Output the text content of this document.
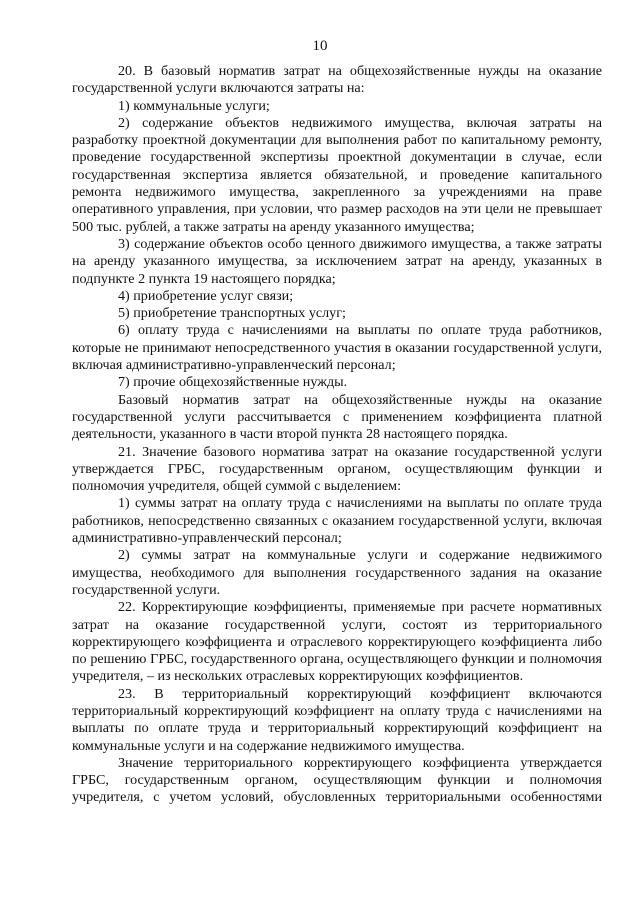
10

20. В базовый норматив затрат на общехозяйственные нужды на оказание государственной услуги включаются затраты на:

1) коммунальные услуги;

2) содержание объектов недвижимого имущества, включая затраты на разработку проектной документации для выполнения работ по капитальному ремонту, проведение государственной экспертизы проектной документации в случае, если государственная экспертиза является обязательной, и проведение капитального ремонта недвижимого имущества, закрепленного за учреждениями на праве оперативного управления, при условии, что размер расходов на эти цели не превышает 500 тыс. рублей, а также затраты на аренду указанного имущества;

3) содержание объектов особо ценного движимого имущества, а также затраты на аренду указанного имущества, за исключением затрат на аренду, указанных в подпункте 2 пункта 19 настоящего порядка;

4) приобретение услуг связи;

5) приобретение транспортных услуг;

6) оплату труда с начислениями на выплаты по оплате труда работников, которые не принимают непосредственного участия в оказании государственной услуги, включая административно-управленческий персонал;

7) прочие общехозяйственные нужды.

Базовый норматив затрат на общехозяйственные нужды на оказание государственной услуги рассчитывается с применением коэффициента платной деятельности, указанного в части второй пункта 28 настоящего порядка.

21. Значение базового норматива затрат на оказание государственной услуги утверждается ГРБС, государственным органом, осуществляющим функции и полномочия учредителя, общей суммой с выделением:

1) суммы затрат на оплату труда с начислениями на выплаты по оплате труда работников, непосредственно связанных с оказанием государственной услуги, включая административно-управленческий персонал;

2) суммы затрат на коммунальные услуги и содержание недвижимого имущества, необходимого для выполнения государственного задания на оказание государственной услуги.

22. Корректирующие коэффициенты, применяемые при расчете нормативных затрат на оказание государственной услуги, состоят из территориального корректирующего коэффициента и отраслевого корректирующего коэффициента либо по решению ГРБС, государственного органа, осуществляющего функции и полномочия учредителя, – из нескольких отраслевых корректирующих коэффициентов.

23. В территориальный корректирующий коэффициент включаются территориальный корректирующий коэффициент на оплату труда с начислениями на выплаты по оплате труда и территориальный корректирующий коэффициент на коммунальные услуги и на содержание недвижимого имущества.

Значение территориального корректирующего коэффициента утверждается ГРБС, государственным органом, осуществляющим функции и полномочия учредителя, с учетом условий, обусловленных территориальными особенностями
